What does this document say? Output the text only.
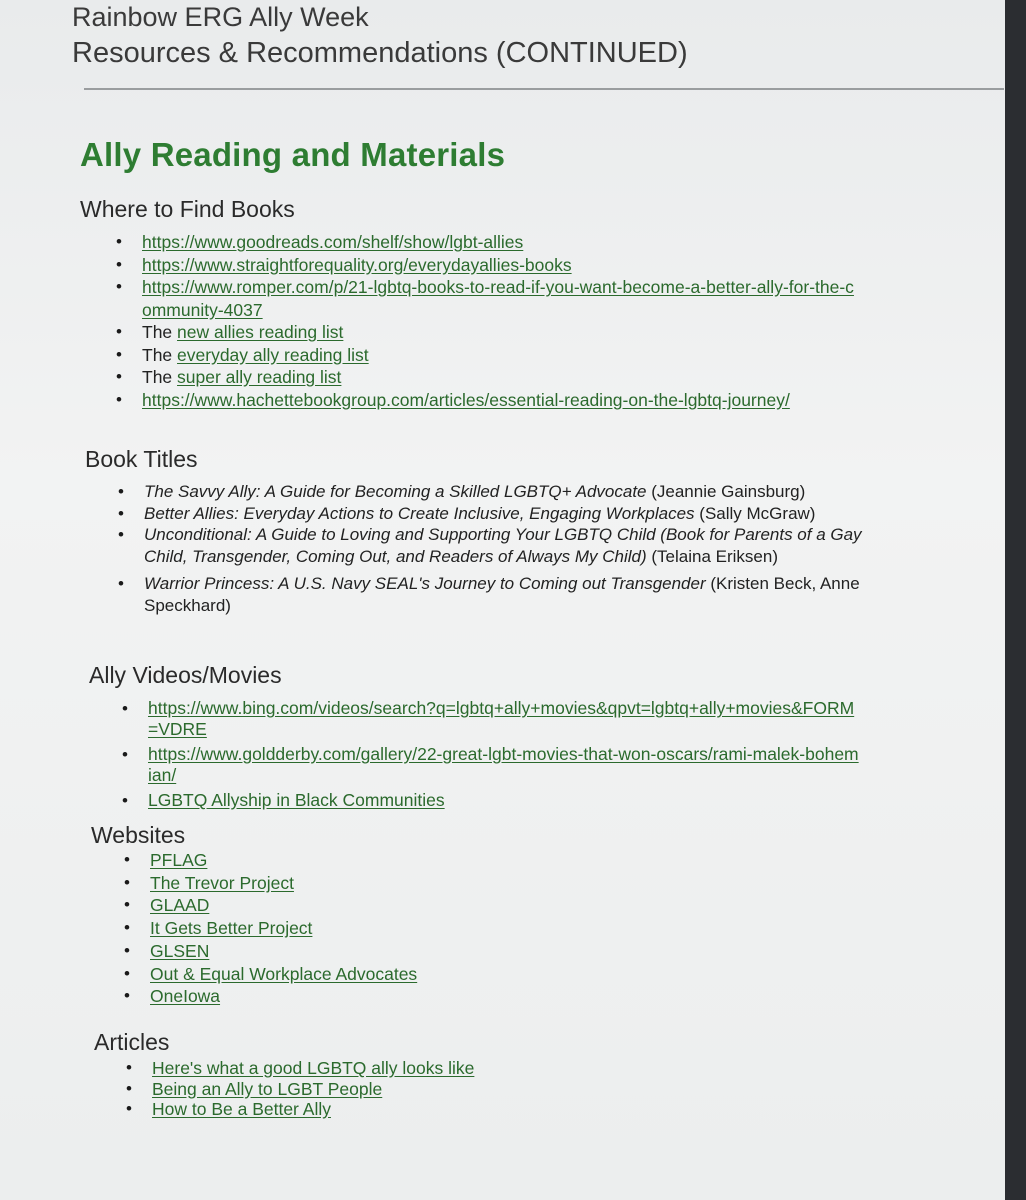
Rainbow ERG Ally Week
Resources & Recommendations (CONTINUED)
Ally Reading and Materials
Where to Find Books
• https://www.goodreads.com/shelf/show/lgbt-allies
• https://www.straightforequality.org/everydayallies-books
• https://www.romper.com/p/21-lgbtq-books-to-read-if-you-want-become-a-better-ally-for-the-community-4037
• The new allies reading list
• The everyday ally reading list
• The super ally reading list
• https://www.hachettebookgroup.com/articles/essential-reading-on-the-lgbtq-journey/
Book Titles
• The Savvy Ally: A Guide for Becoming a Skilled LGBTQ+ Advocate (Jeannie Gainsburg)
• Better Allies: Everyday Actions to Create Inclusive, Engaging Workplaces (Sally McGraw)
• Unconditional: A Guide to Loving and Supporting Your LGBTQ Child (Book for Parents of a Gay Child, Transgender, Coming Out, and Readers of Always My Child) (Telaina Eriksen)
• Warrior Princess: A U.S. Navy SEAL's Journey to Coming out Transgender (Kristen Beck, Anne Speckhard)
Ally Videos/Movies
• https://www.bing.com/videos/search?q=lgbtq+ally+movies&qpvt=lgbtq+ally+movies&FORM=VDRE
• https://www.goldderby.com/gallery/22-great-lgbt-movies-that-won-oscars/rami-malek-bohemian/
• LGBTQ Allyship in Black Communities
Websites
• PFLAG
• The Trevor Project
• GLAAD
• It Gets Better Project
• GLSEN
• Out & Equal Workplace Advocates
• OneIowa
Articles
• Here's what a good LGBTQ ally looks like
• Being an Ally to LGBT People
• How to Be a Better Ally
